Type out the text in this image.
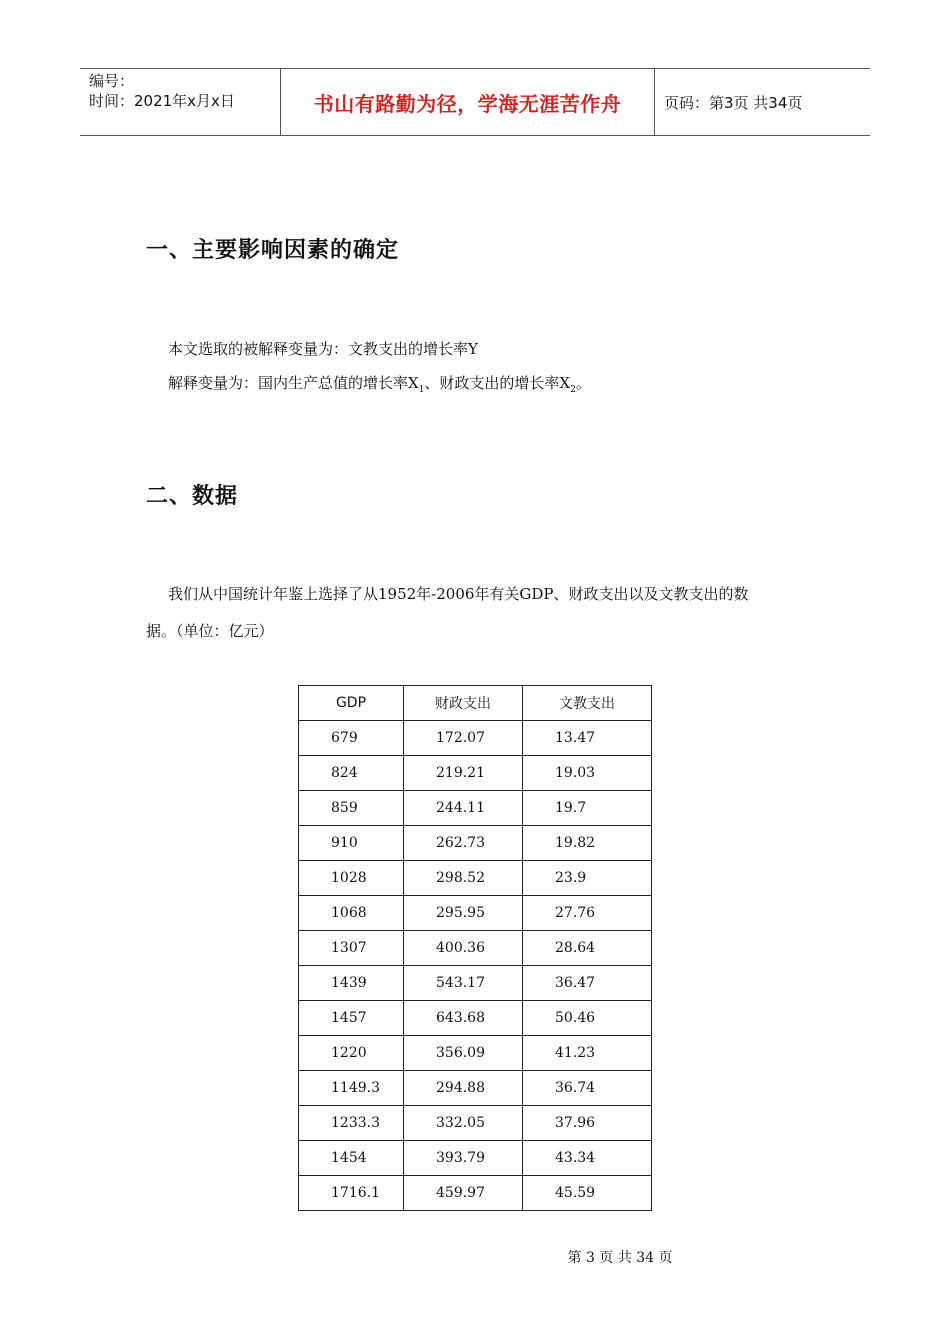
编号：
时间：2021年x月x日	书山有路勤为径，学海无涯苦作舟	页码：第3页 共34页
一、主要影响因素的确定
本文选取的被解释变量为：文教支出的增长率Y
解释变量为：国内生产总值的增长率$X_1$、财政支出的增长率$X_2$。
二、数据
我们从中国统计年鉴上选择了从1952年-2006年有关GDP、财政支出以及文教支出的数
据。（单位：亿元）
GDP	财政支出	文教支出
679	172.07	13.47
824	219.21	19.03
859	244.11	19.7
910	262.73	19.82
1028	298.52	23.9
1068	295.95	27.76
1307	400.36	28.64
1439	543.17	36.47
1457	643.68	50.46
1220	356.09	41.23
1149.3	294.88	36.74
1233.3	332.05	37.96
1454	393.79	43.34
1716.1	459.97	45.59
第 3 页 共 34 页
